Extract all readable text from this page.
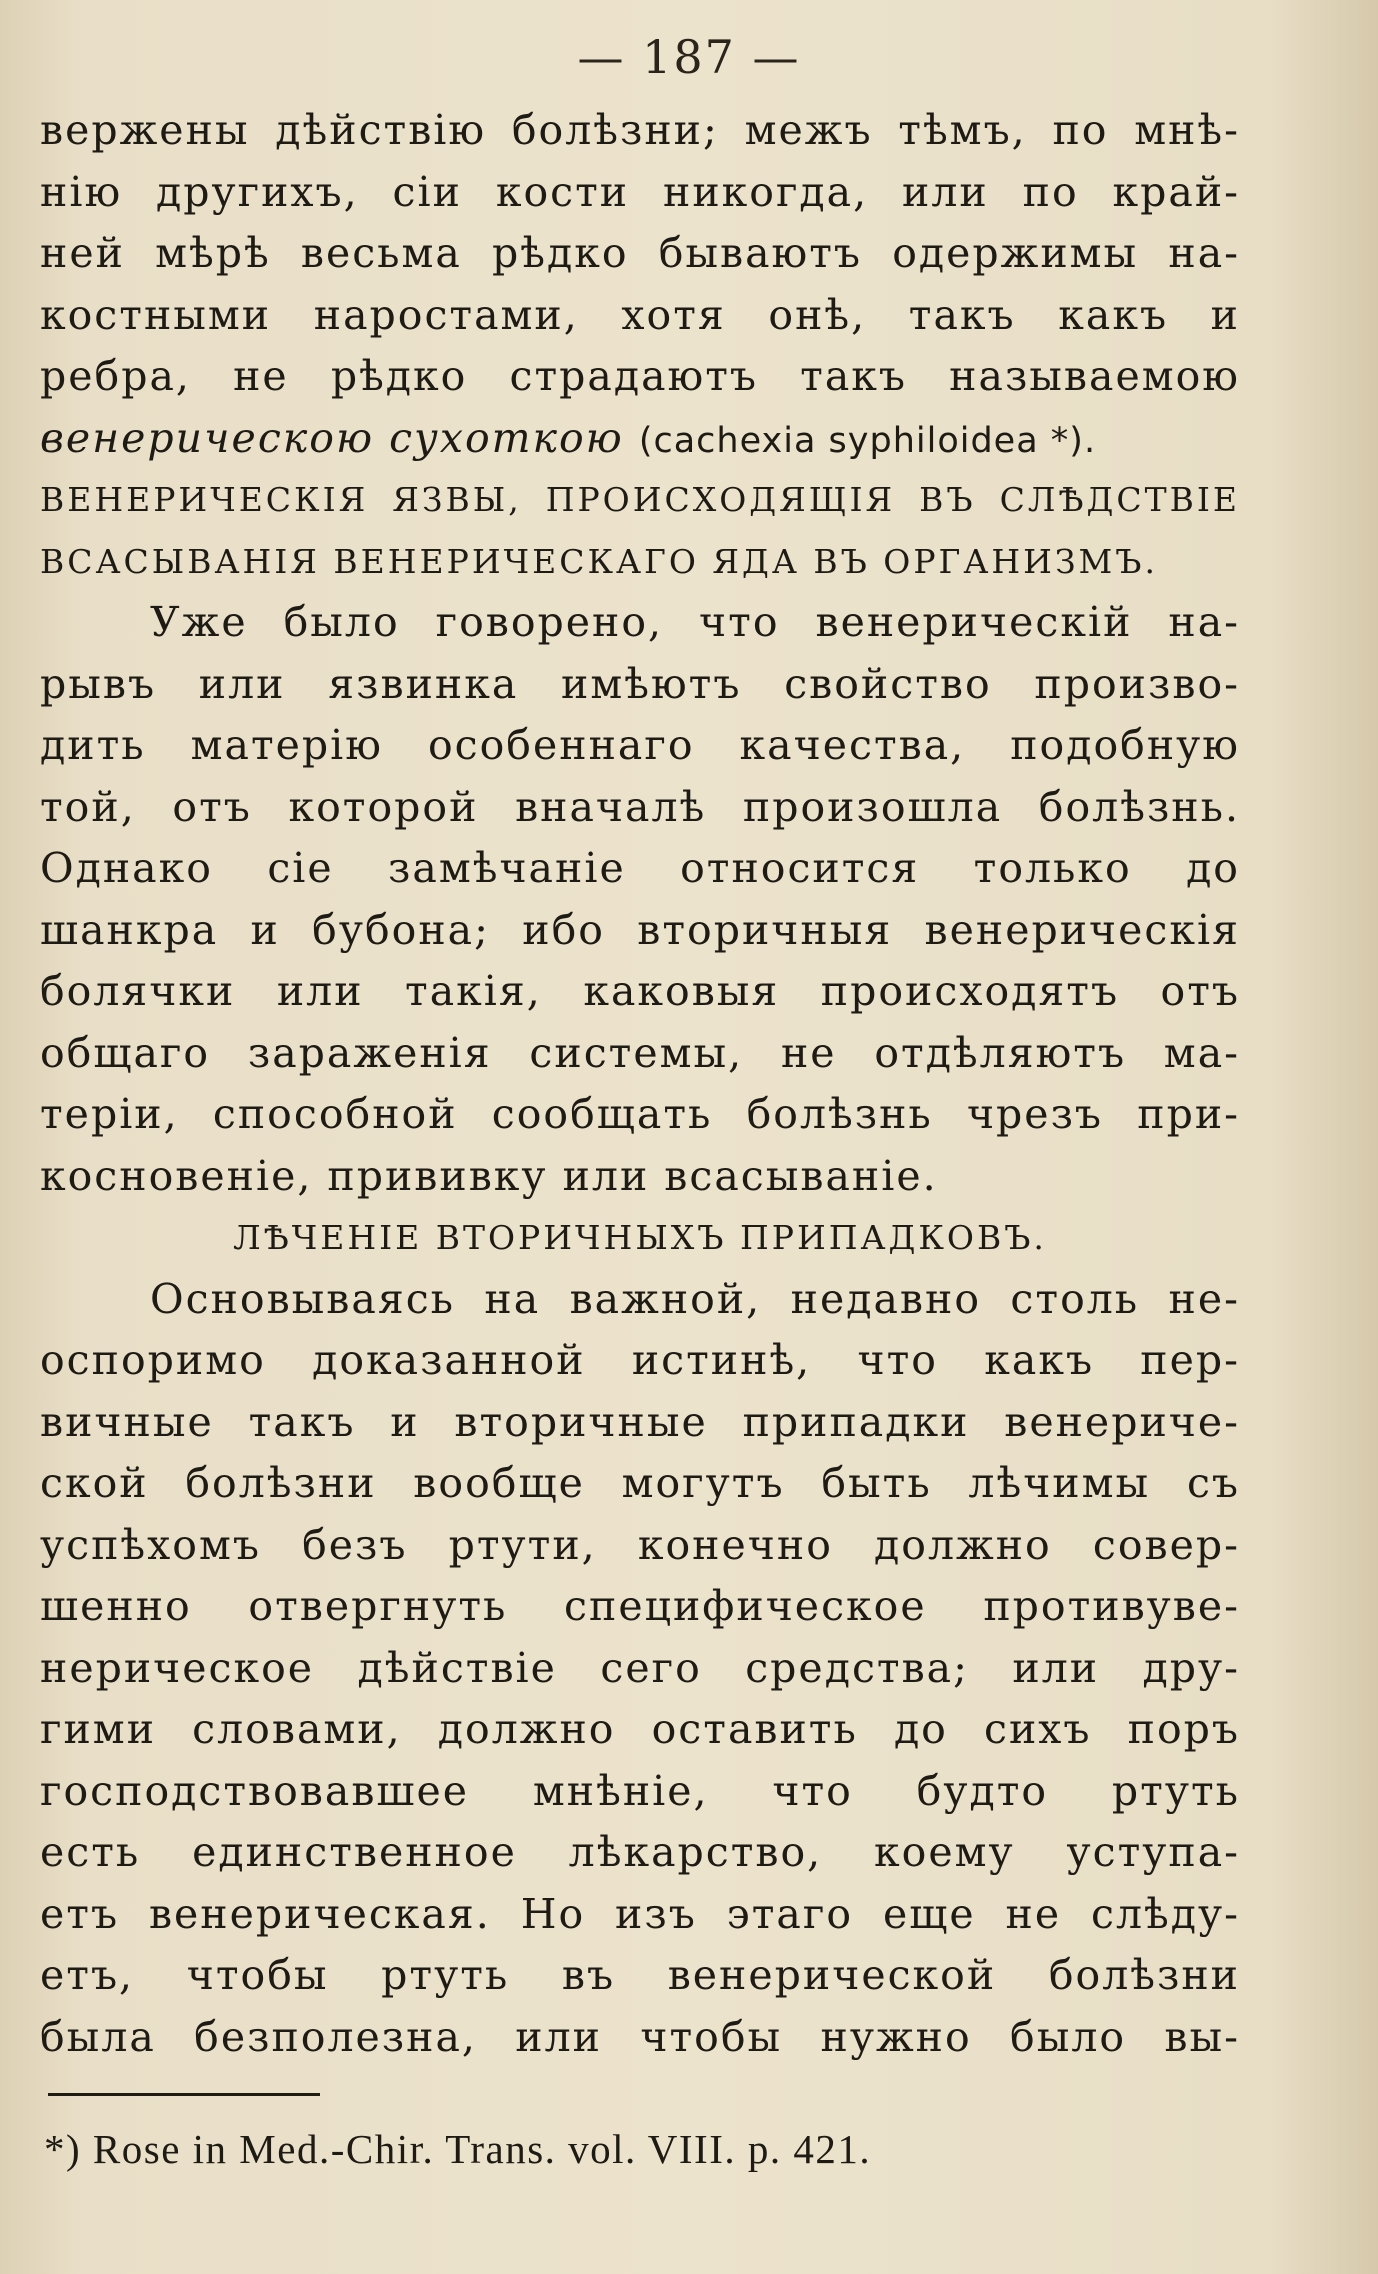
— 187 —
вержены дѣйствію болѣзни; межъ тѣмъ, по мнѣ-
нію другихъ, сіи кости никогда, или по край-
ней мѣрѣ весьма рѣдко бываютъ одержимы на-
костными наростами, хотя онѣ, такъ какъ и
ребра, не рѣдко страдаютъ такъ называемою
венерическою сухоткою (cachexia syphiloidea *).
ВЕНЕРИЧЕСКІЯ ЯЗВЫ, ПРОИСХОДЯЩІЯ ВЪ СЛѢДСТВІЕ
ВСАСЫВАНІЯ ВЕНЕРИЧЕСКАГО ЯДА ВЪ ОРГАНИЗМЪ.
Уже было говорено, что венерическій на-
рывъ или язвинка имѣютъ свойство произво-
дить матерію особеннаго качества, подобную
той, отъ которой вначалѣ произошла болѣзнь.
Однако сіе замѣчаніе относится только до
шанкра и бубона; ибо вторичныя венерическія
болячки или такія, каковыя происходятъ отъ
общаго зараженія системы, не отдѣляютъ ма-
теріи, способной сообщать болѣзнь чрезъ при-
косновеніе, прививку или всасываніе.
ЛѢЧЕНІЕ ВТОРИЧНЫХЪ ПРИПАДКОВЪ.
Основываясь на важной, недавно столь не-
оспоримо доказанной истинѣ, что какъ пер-
вичные такъ и вторичные припадки венериче-
ской болѣзни вообще могутъ быть лѣчимы съ
успѣхомъ безъ ртути, конечно должно совер-
шенно отвергнуть специфическое противуве-
нерическое дѣйствіе сего средства; или дру-
гими словами, должно оставить до сихъ поръ
господствовавшее мнѣніе, что будто ртуть
есть единственное лѣкарство, коему уступа-
етъ венерическая. Но изъ этаго еще не слѣду-
етъ, чтобы ртуть въ венерической болѣзни
была безполезна, или чтобы нужно было вы-
*) Rose in Med.-Chir. Trans. vol. VIII. p. 421.
